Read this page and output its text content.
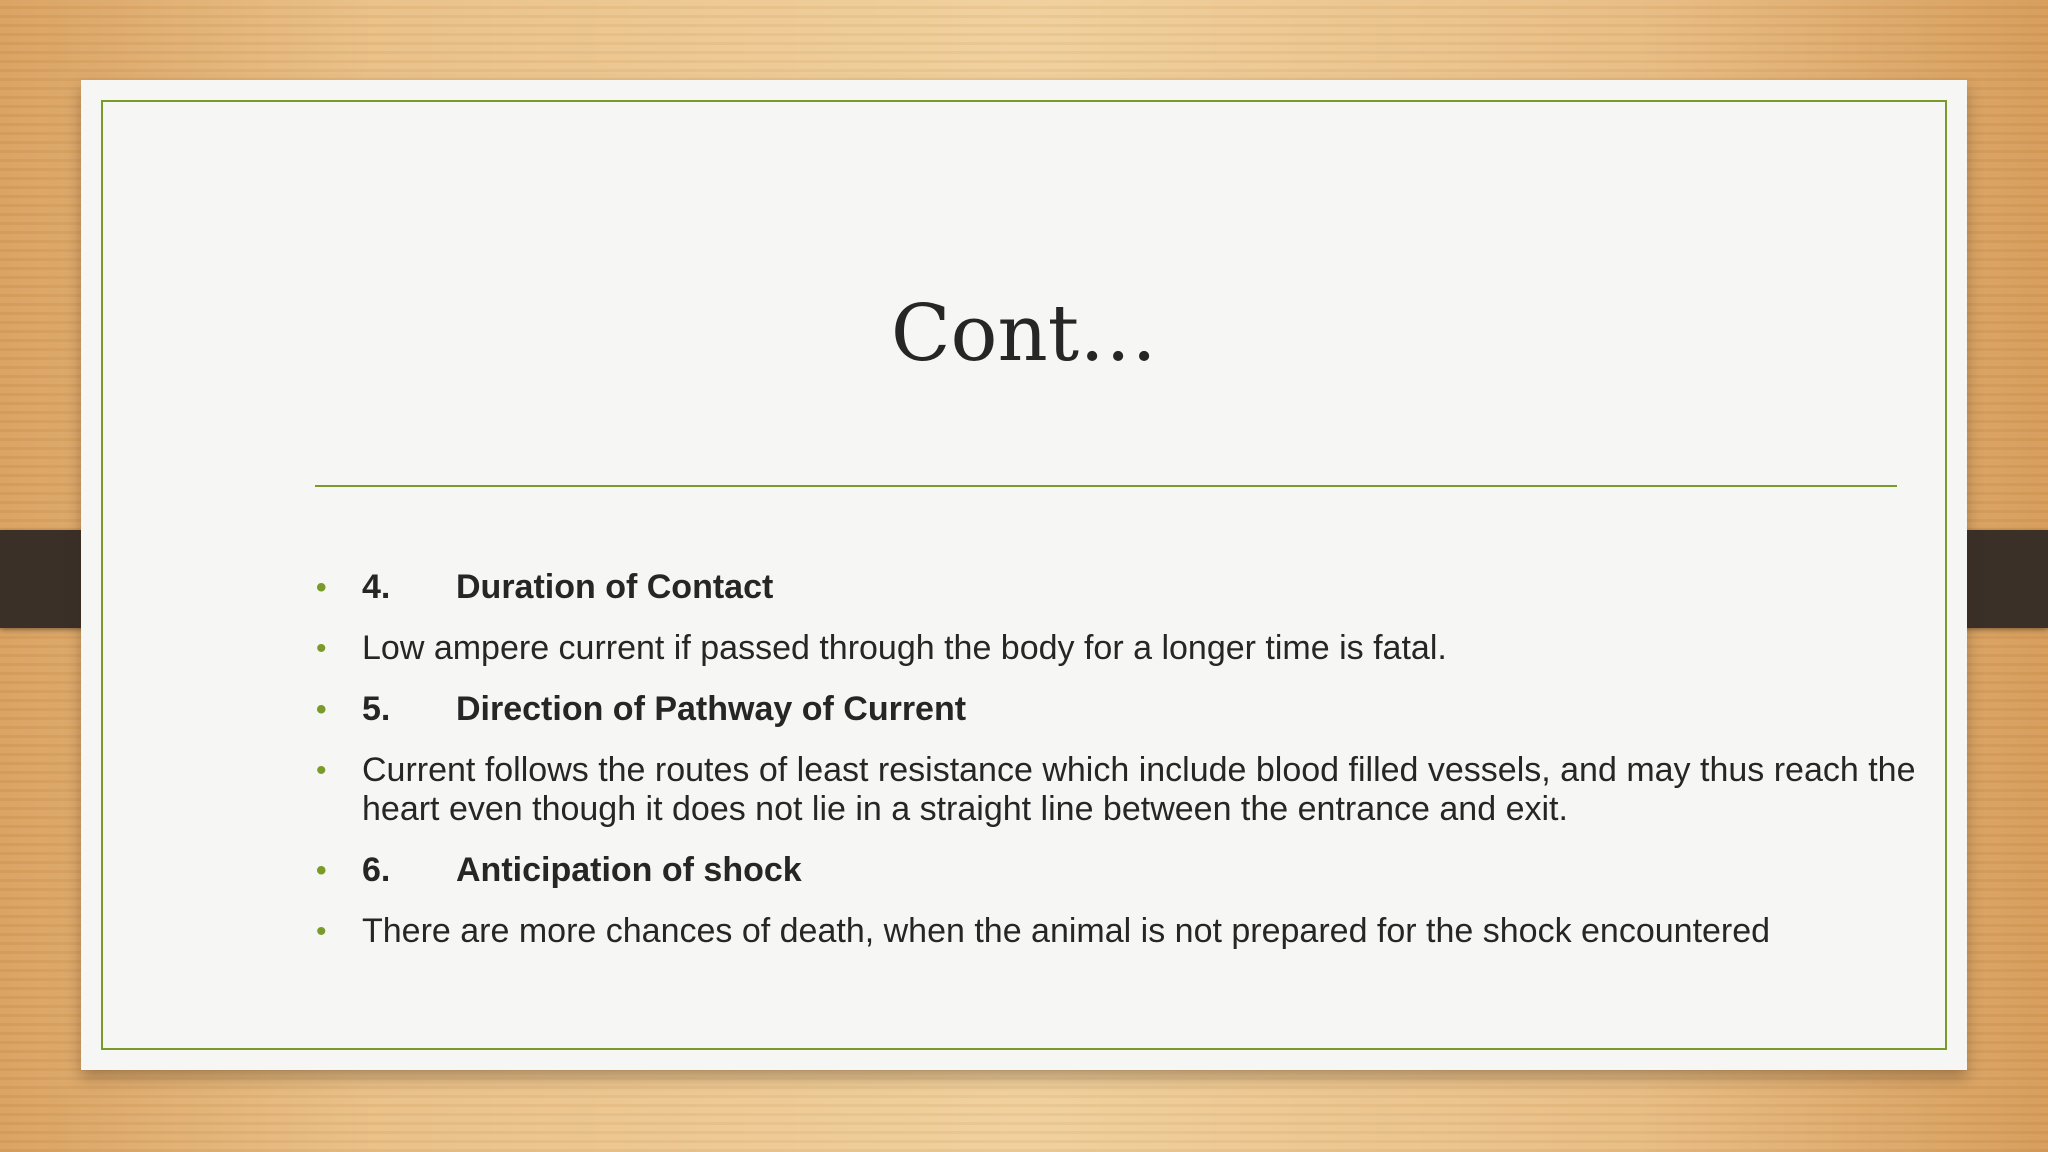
Cont…
• 4. Duration of Contact
• Low ampere current if passed through the body for a longer time is fatal.
• 5. Direction of Pathway of Current
• Current follows the routes of least resistance which include blood filled vessels, and may thus reach the heart even though it does not lie in a straight line between the entrance and exit.
• 6. Anticipation of shock
• There are more chances of death, when the animal is not prepared for the shock encountered
